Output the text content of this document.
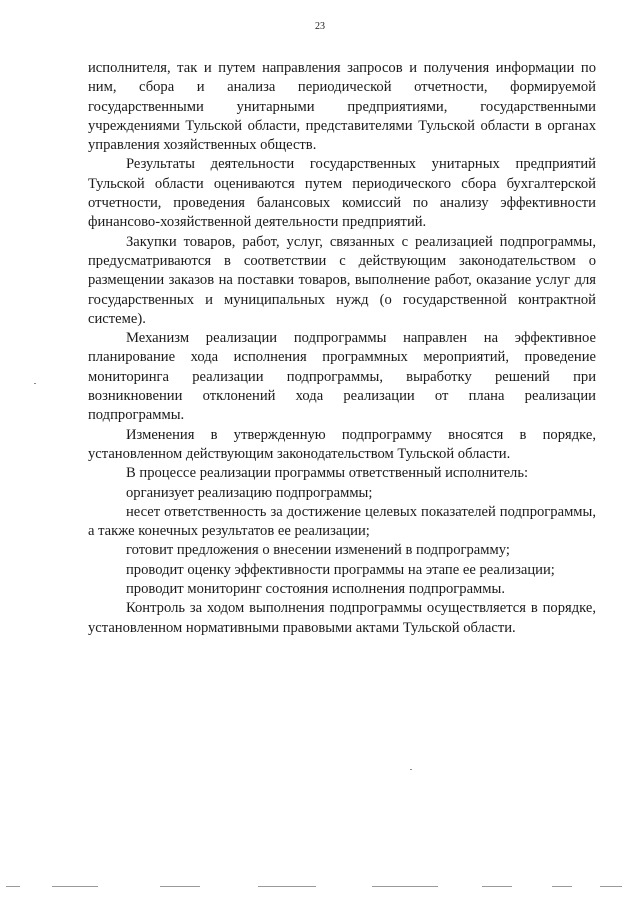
23

исполнителя, так и путем направления запросов и получения информации по ним, сбора и анализа периодической отчетности, формируемой государственными унитарными предприятиями, государственными учреждениями Тульской области, представителями Тульской области в органах управления хозяйственных обществ.

Результаты деятельности государственных унитарных предприятий Тульской области оцениваются путем периодического сбора бухгалтерской отчетности, проведения балансовых комиссий по анализу эффективности финансово-хозяйственной деятельности предприятий.

Закупки товаров, работ, услуг, связанных с реализацией подпрограммы, предусматриваются в соответствии с действующим законодательством о размещении заказов на поставки товаров, выполнение работ, оказание услуг для государственных и муниципальных нужд (о государственной контрактной системе).

Механизм реализации подпрограммы направлен на эффективное планирование хода исполнения программных мероприятий, проведение мониторинга реализации подпрограммы, выработку решений при возникновении отклонений хода реализации от плана реализации подпрограммы.

Изменения в утвержденную подпрограмму вносятся в порядке, установленном действующим законодательством Тульской области.

В процессе реализации программы ответственный исполнитель:

организует реализацию подпрограммы;

несет ответственность за достижение целевых показателей подпрограммы, а также конечных результатов ее реализации;

готовит предложения о внесении изменений в подпрограмму;

проводит оценку эффективности программы на этапе ее реализации;

проводит мониторинг состояния исполнения подпрограммы.

Контроль за ходом выполнения подпрограммы осуществляется в порядке, установленном нормативными правовыми актами Тульской области.
